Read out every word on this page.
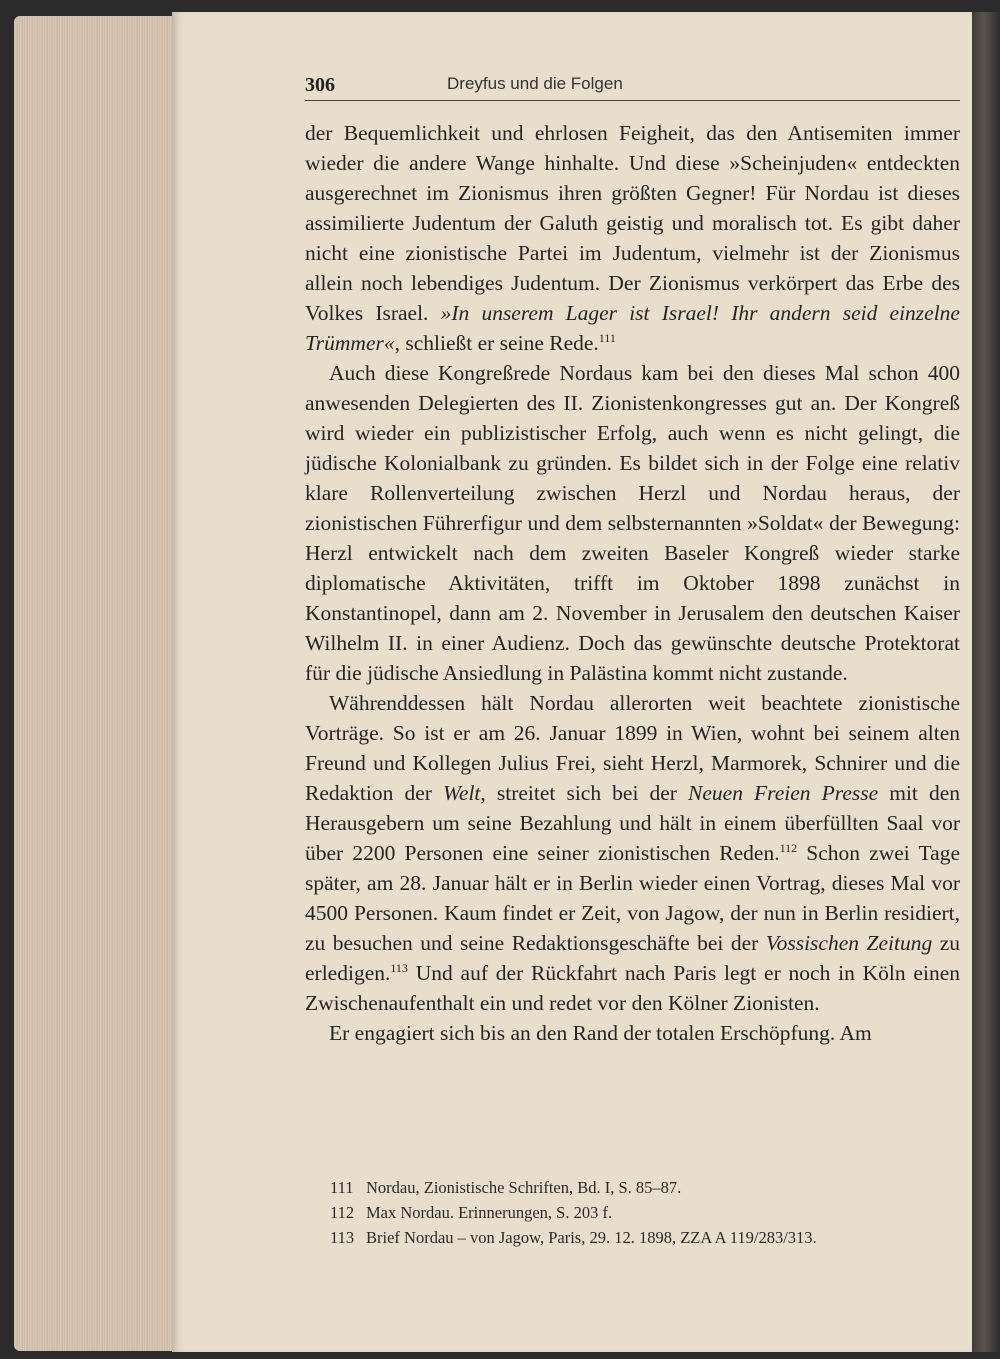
306	Dreyfus und die Folgen

der Bequemlichkeit und ehrlosen Feigheit, das den Antisemiten immer wieder die andere Wange hinhalte. Und diese »Scheinjuden« entdeckten ausgerechnet im Zionismus ihren größten Gegner! Für Nordau ist dieses assimilierte Judentum der Galuth geistig und moralisch tot. Es gibt daher nicht eine zionistische Partei im Judentum, vielmehr ist der Zionismus allein noch lebendiges Judentum. Der Zionismus verkörpert das Erbe des Volkes Israel. »In unserem Lager ist Israel! Ihr andern seid einzelne Trümmer«, schließt er seine Rede.$^{111}$

Auch diese Kongreßrede Nordaus kam bei den dieses Mal schon 400 anwesenden Delegierten des II. Zionistenkongresses gut an. Der Kongreß wird wieder ein publizistischer Erfolg, auch wenn es nicht gelingt, die jüdische Kolonialbank zu gründen. Es bildet sich in der Folge eine relativ klare Rollenverteilung zwischen Herzl und Nordau heraus, der zionistischen Führerfigur und dem selbsternannten »Soldat« der Bewegung: Herzl entwickelt nach dem zweiten Baseler Kongreß wieder starke diplomatische Aktivitäten, trifft im Oktober 1898 zunächst in Konstantinopel, dann am 2. November in Jerusalem den deutschen Kaiser Wilhelm II. in einer Audienz. Doch das gewünschte deutsche Protektorat für die jüdische Ansiedlung in Palästina kommt nicht zustande.

Währenddessen hält Nordau allerorten weit beachtete zionistische Vorträge. So ist er am 26. Januar 1899 in Wien, wohnt bei seinem alten Freund und Kollegen Julius Frei, sieht Herzl, Marmorek, Schnirer und die Redaktion der Welt, streitet sich bei der Neuen Freien Presse mit den Herausgebern um seine Bezahlung und hält in einem überfüllten Saal vor über 2200 Personen eine seiner zionistischen Reden.$^{112}$ Schon zwei Tage später, am 28. Januar hält er in Berlin wieder einen Vortrag, dieses Mal vor 4500 Personen. Kaum findet er Zeit, von Jagow, der nun in Berlin residiert, zu besuchen und seine Redaktionsgeschäfte bei der Vossischen Zeitung zu erledigen.$^{113}$ Und auf der Rückfahrt nach Paris legt er noch in Köln einen Zwischenaufenthalt ein und redet vor den Kölner Zionisten.

Er engagiert sich bis an den Rand der totalen Erschöpfung. Am

111 Nordau, Zionistische Schriften, Bd. I, S. 85–87.
112 Max Nordau. Erinnerungen, S. 203 f.
113 Brief Nordau – von Jagow, Paris, 29. 12. 1898, ZZA A 119/283/313.
